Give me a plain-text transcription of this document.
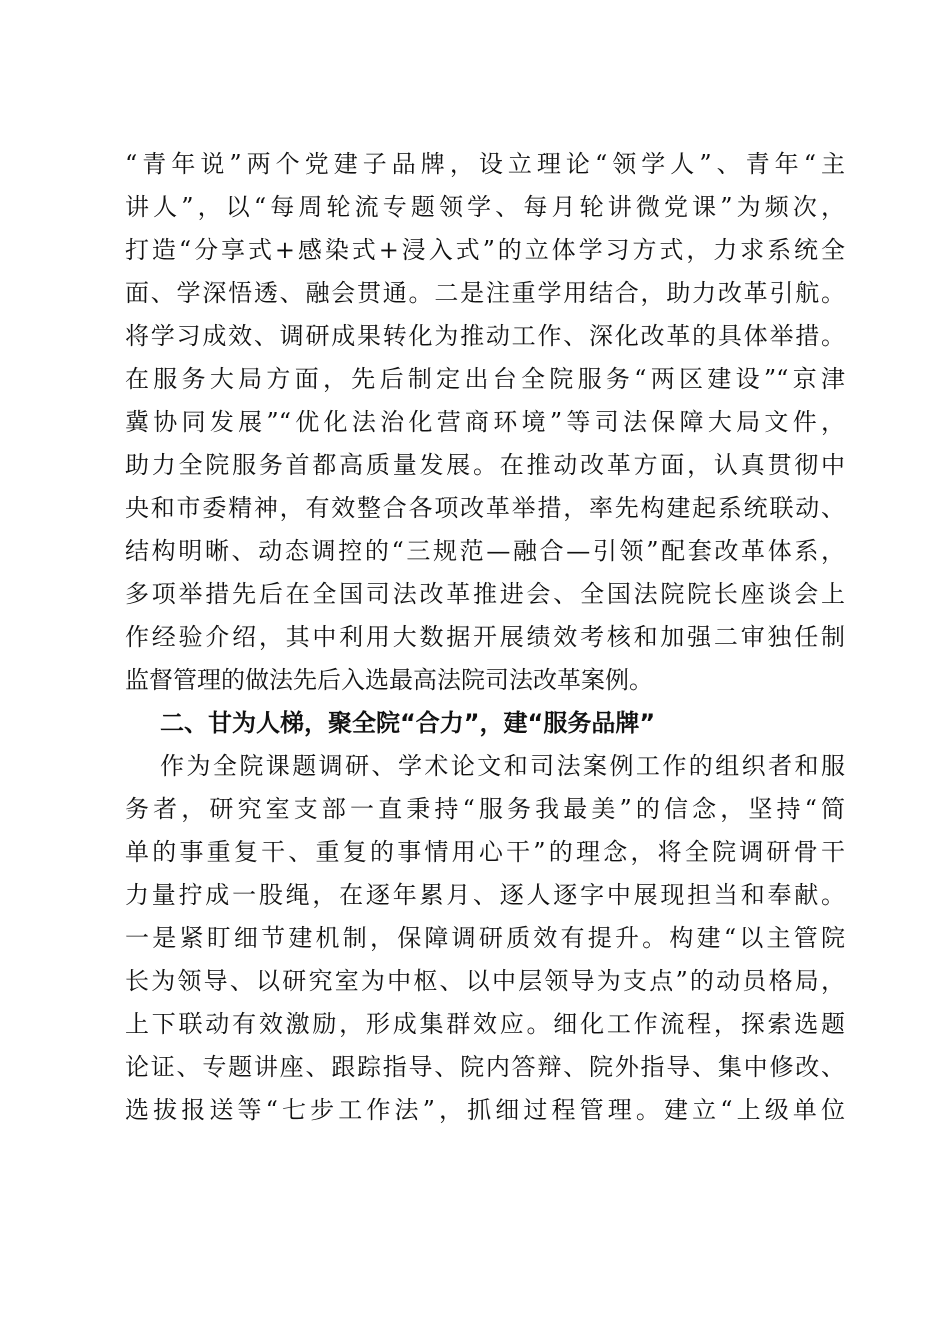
“青年说”两个党建子品牌，设立理论“领学人”、青年“主
讲人”，以“每周轮流专题领学、每月轮讲微党课”为频次，
打造“分享式+感染式+浸入式”的立体学习方式，力求系统全
面、学深悟透、融会贯通。二是注重学用结合，助力改革引航。
将学习成效、调研成果转化为推动工作、深化改革的具体举措。
在服务大局方面，先后制定出台全院服务“两区建设”“京津
冀协同发展”“优化法治化营商环境”等司法保障大局文件，
助力全院服务首都高质量发展。在推动改革方面，认真贯彻中
央和市委精神，有效整合各项改革举措，率先构建起系统联动、
结构明晰、动态调控的“三规范—融合—引领”配套改革体系，
多项举措先后在全国司法改革推进会、全国法院院长座谈会上
作经验介绍，其中利用大数据开展绩效考核和加强二审独任制
监督管理的做法先后入选最高法院司法改革案例。
二、甘为人梯，聚全院“合力”，建“服务品牌”
作为全院课题调研、学术论文和司法案例工作的组织者和服
务者，研究室支部一直秉持“服务我最美”的信念，坚持“简
单的事重复干、重复的事情用心干”的理念，将全院调研骨干
力量拧成一股绳，在逐年累月、逐人逐字中展现担当和奉献。
一是紧盯细节建机制，保障调研质效有提升。构建“以主管院
长为领导、以研究室为中枢、以中层领导为支点”的动员格局，
上下联动有效激励，形成集群效应。细化工作流程，探索选题
论证、专题讲座、跟踪指导、院内答辩、院外指导、集中修改、
选拔报送等“七步工作法”，抓细过程管理。建立“上级单位
